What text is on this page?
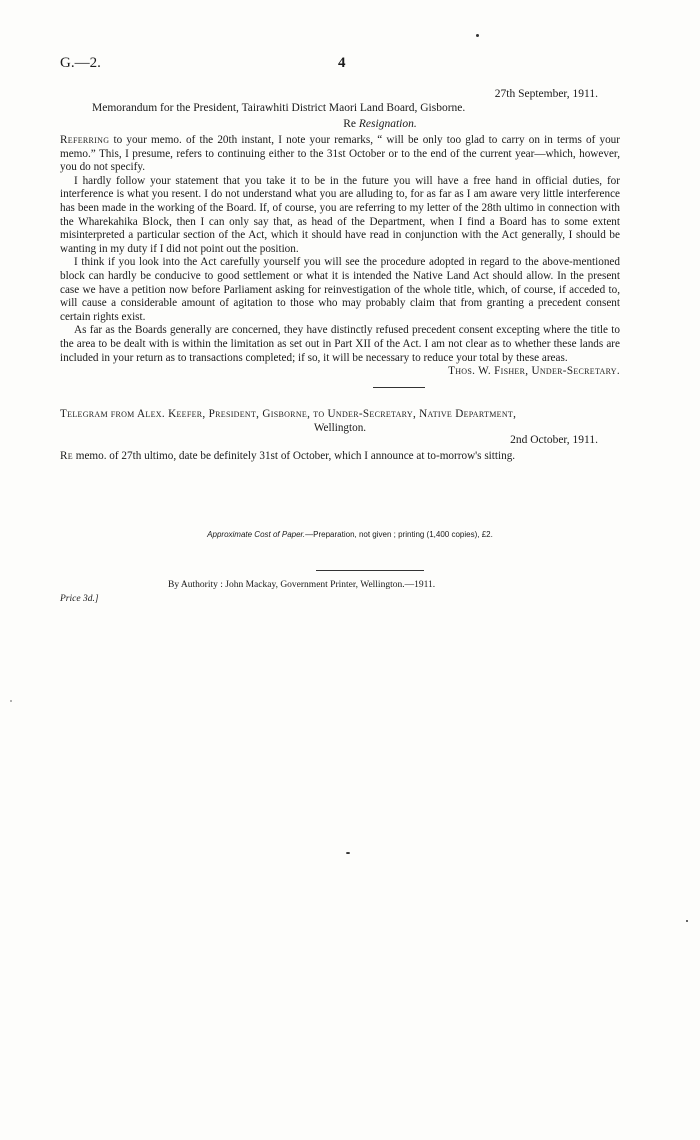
G.—2.	4
27th September, 1911.
Memorandum for the President, Tairawhiti District Maori Land Board, Gisborne.
Re Resignation.

Referring to your memo. of the 20th instant, I note your remarks, “ will be only too glad to carry on in terms of your memo.” This, I presume, refers to continuing either to the 31st October or to the end of the current year—which, however, you do not specify.

I hardly follow your statement that you take it to be in the future you will have a free hand in official duties, for interference is what you resent. I do not understand what you are alluding to, for as far as I am aware very little interference has been made in the working of the Board. If, of course, you are referring to my letter of the 28th ultimo in connection with the Wharekahika Block, then I can only say that, as head of the Department, when I find a Board has to some extent misinterpreted a particular section of the Act, which it should have read in conjunction with the Act generally, I should be wanting in my duty if I did not point out the position.

I think if you look into the Act carefully yourself you will see the procedure adopted in regard to the above-mentioned block can hardly be conducive to good settlement or what it is intended the Native Land Act should allow. In the present case we have a petition now before Parliament asking for reinvestigation of the whole title, which, of course, if acceded to, will cause a considerable amount of agitation to those who may probably claim that from granting a precedent consent certain rights exist.

As far as the Boards generally are concerned, they have distinctly refused precedent consent excepting where the title to the area to be dealt with is within the limitation as set out in Part XII of the Act. I am not clear as to whether these lands are included in your return as to transactions completed; if so, it will be necessary to reduce your total by these areas.

Thos. W. Fisher, Under-Secretary.

Telegram from Alex. Keefer, President, Gisborne, to Under-Secretary, Native Department,
Wellington.
2nd October, 1911.
Re memo. of 27th ultimo, date be definitely 31st of October, which I announce at to-morrow's sitting.
Approximate Cost of Paper.—Preparation, not given ; printing (1,400 copies), £2.
By Authority : John Mackay, Government Printer, Wellington.—1911.
Price 3d.]
